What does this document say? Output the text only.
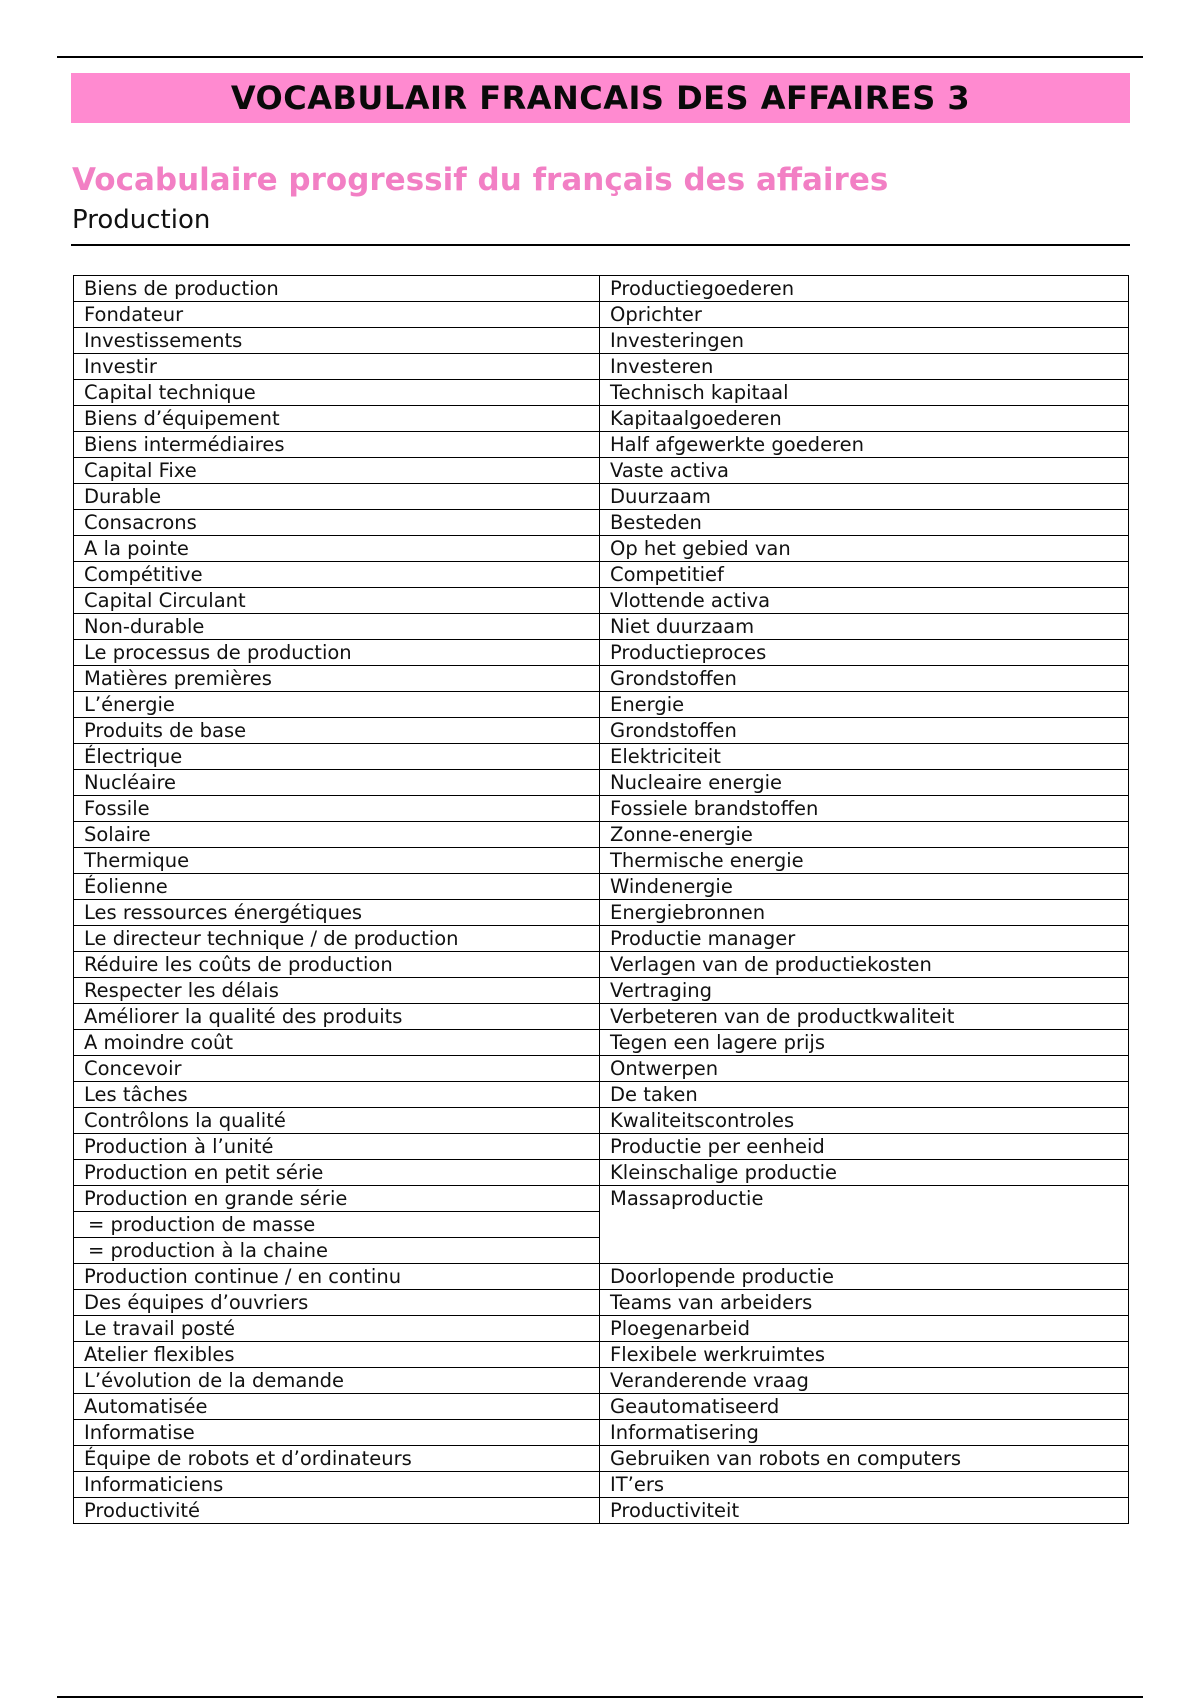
VOCABULAIR FRANCAIS DES AFFAIRES 3
Vocabulaire progressif du français des affaires
Production
Biens de production	Productiegoederen
Fondateur	Oprichter
Investissements	Investeringen
Investir	Investeren
Capital technique	Technisch kapitaal
Biens d’équipement	Kapitaalgoederen
Biens intermédiaires	Half afgewerkte goederen
Capital Fixe	Vaste activa
Durable	Duurzaam
Consacrons	Besteden
A la pointe	Op het gebied van
Compétitive	Competitief
Capital Circulant	Vlottende activa
Non-durable	Niet duurzaam
Le processus de production	Productieproces
Matières premières	Grondstoffen
L’énergie	Energie
Produits de base	Grondstoffen
Électrique	Elektriciteit
Nucléaire	Nucleaire energie
Fossile	Fossiele brandstoffen
Solaire	Zonne-energie
Thermique	Thermische energie
Éolienne	Windenergie
Les ressources énergétiques	Energiebronnen
Le directeur technique / de production	Productie manager
Réduire les coûts de production	Verlagen van de productiekosten
Respecter les délais	Vertraging
Améliorer la qualité des produits	Verbeteren van de productkwaliteit
A moindre coût	Tegen een lagere prijs
Concevoir	Ontwerpen
Les tâches	De taken
Contrôlons la qualité	Kwaliteitscontroles
Production à l’unité	Productie per eenheid
Production en petit série	Kleinschalige productie
Production en grande série	Massaproductie
= production de masse	
= production à la chaine	
Production continue / en continu	Doorlopende productie
Des équipes d’ouvriers	Teams van arbeiders
Le travail posté	Ploegenarbeid
Atelier flexibles	Flexibele werkruimtes
L’évolution de la demande	Veranderende vraag
Automatisée	Geautomatiseerd
Informatise	Informatisering
Équipe de robots et d’ordinateurs	Gebruiken van robots en computers
Informaticiens	IT’ers
Productivité	Productiviteit
